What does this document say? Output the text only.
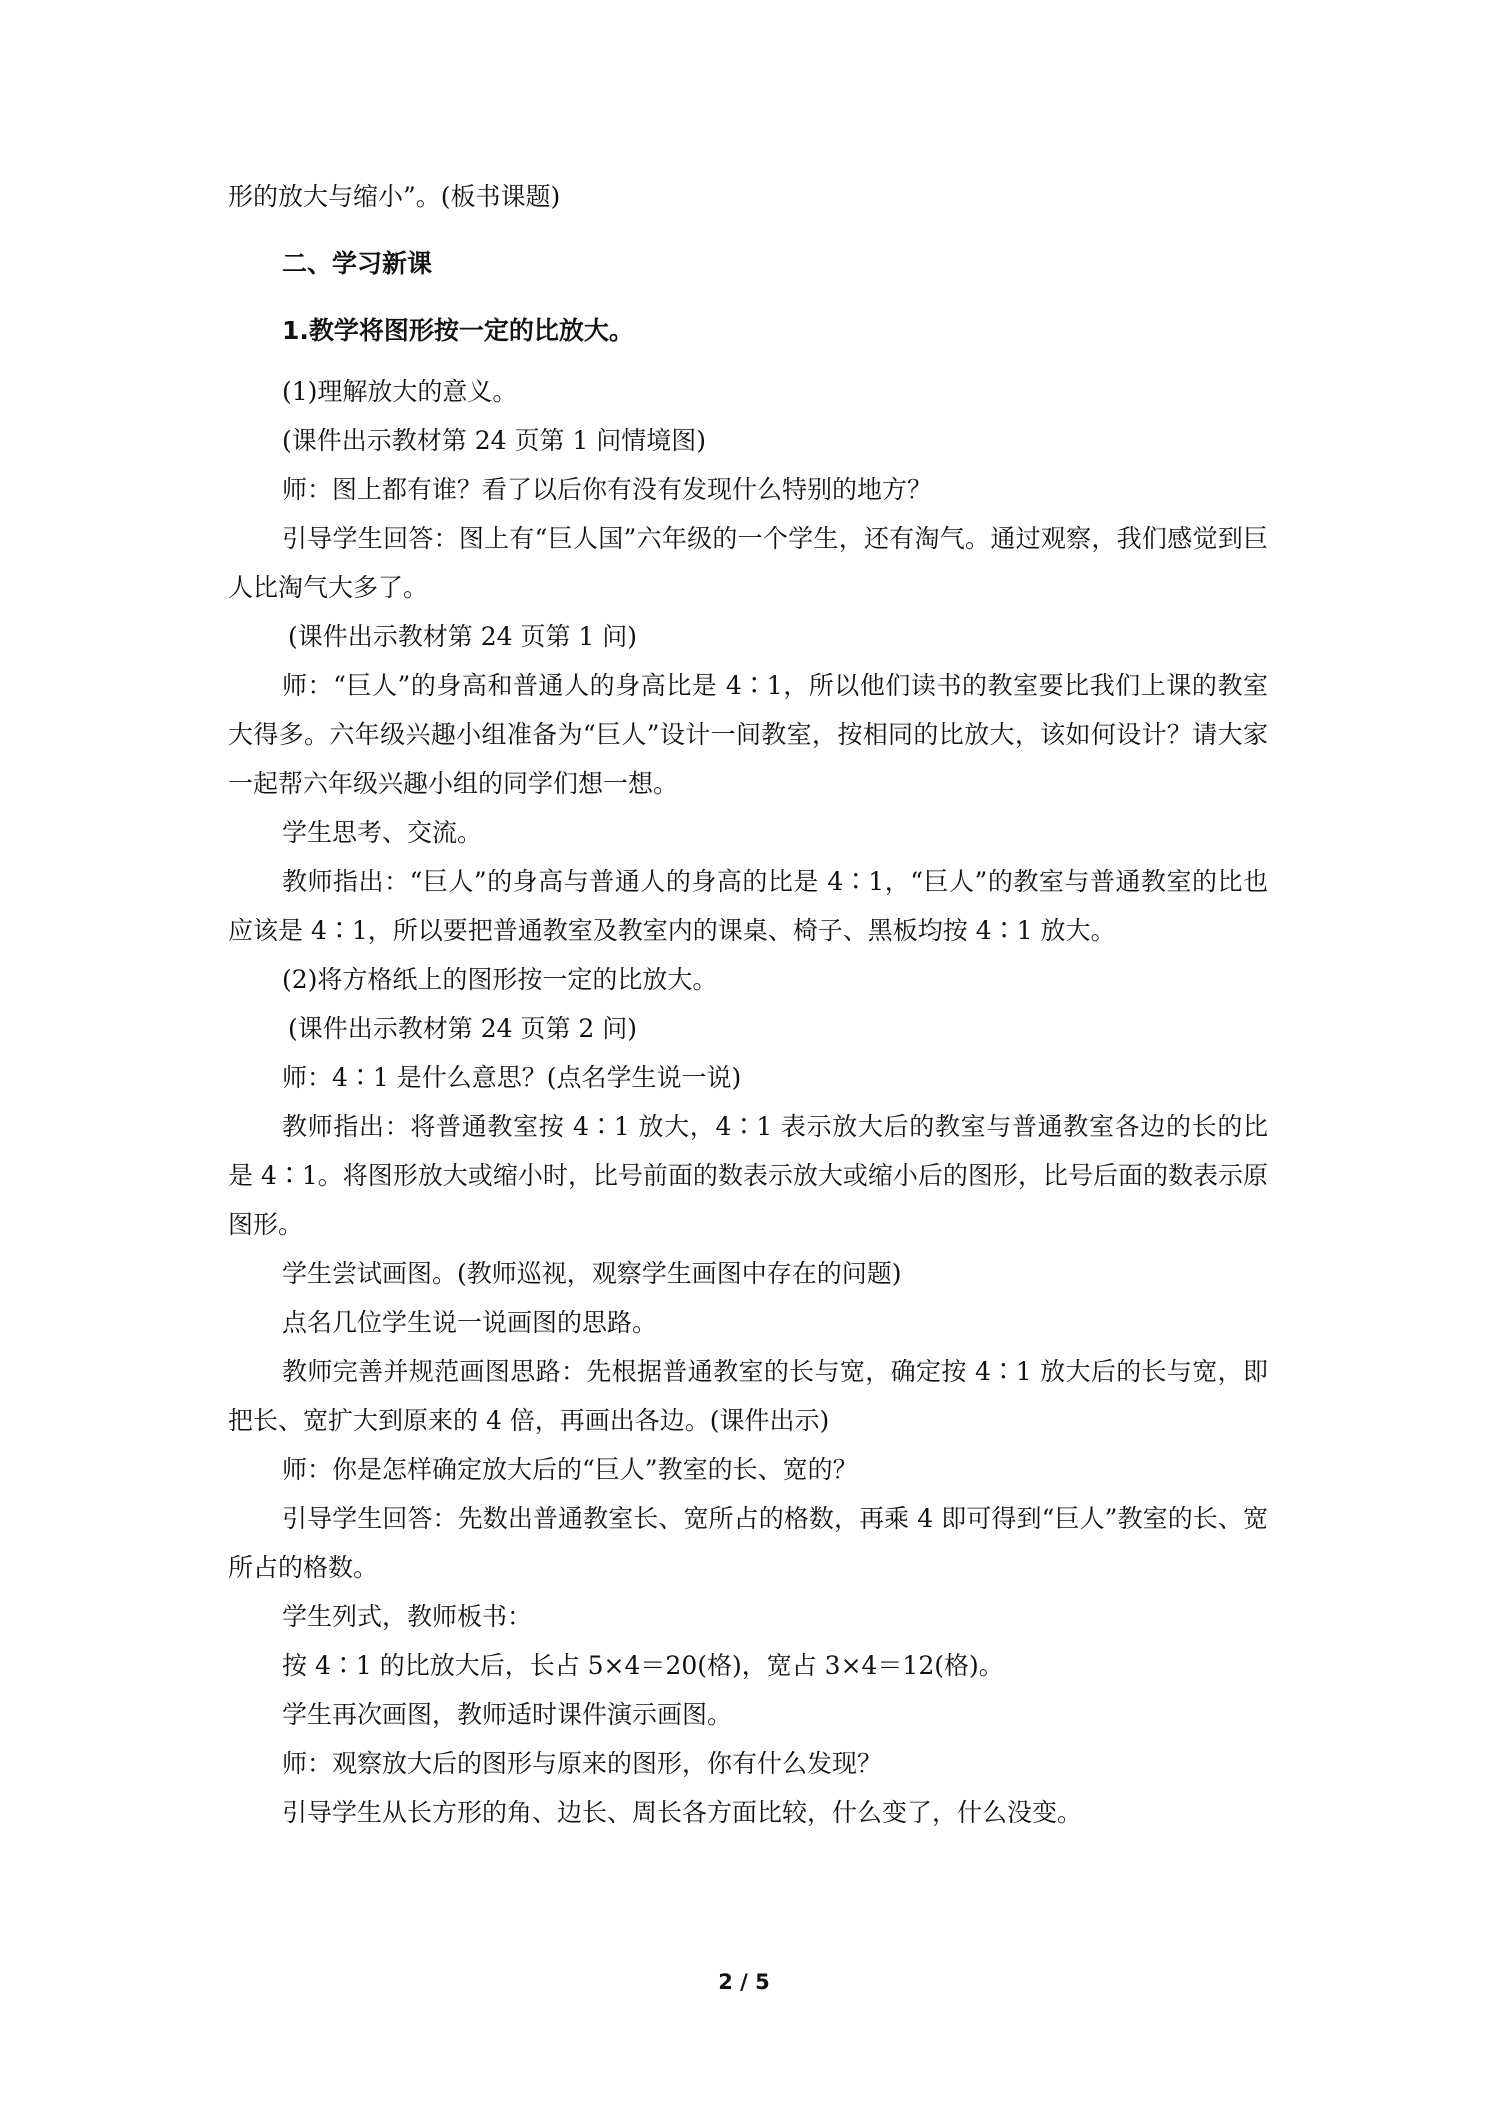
形的放大与缩小”。(板书课题)

二、学习新课

1.教学将图形按一定的比放大。

(1)理解放大的意义。

(课件出示教材第 24 页第 1 问情境图)

师：图上都有谁？看了以后你有没有发现什么特别的地方？

引导学生回答：图上有“巨人国”六年级的一个学生，还有淘气。通过观察，我们感觉到巨人比淘气大多了。

(课件出示教材第 24 页第 1 问)

师：“巨人”的身高和普通人的身高比是 4∶1，所以他们读书的教室要比我们上课的教室大得多。六年级兴趣小组准备为“巨人”设计一间教室，按相同的比放大，该如何设计？请大家一起帮六年级兴趣小组的同学们想一想。

学生思考、交流。

教师指出：“巨人”的身高与普通人的身高的比是 4∶1，“巨人”的教室与普通教室的比也应该是 4∶1，所以要把普通教室及教室内的课桌、椅子、黑板均按 4∶1 放大。

(2)将方格纸上的图形按一定的比放大。

(课件出示教材第 24 页第 2 问)

师：4∶1 是什么意思？(点名学生说一说)

教师指出：将普通教室按 4∶1 放大，4∶1 表示放大后的教室与普通教室各边的长的比是 4∶1。将图形放大或缩小时，比号前面的数表示放大或缩小后的图形，比号后面的数表示原图形。

学生尝试画图。(教师巡视，观察学生画图中存在的问题)

点名几位学生说一说画图的思路。

教师完善并规范画图思路：先根据普通教室的长与宽，确定按 4∶1 放大后的长与宽，即把长、宽扩大到原来的 4 倍，再画出各边。(课件出示)

师：你是怎样确定放大后的“巨人”教室的长、宽的？

引导学生回答：先数出普通教室长、宽所占的格数，再乘 4 即可得到“巨人”教室的长、宽所占的格数。

学生列式，教师板书：

按 4∶1 的比放大后，长占 5×4＝20(格)，宽占 3×4＝12(格)。

学生再次画图，教师适时课件演示画图。

师：观察放大后的图形与原来的图形，你有什么发现？

引导学生从长方形的角、边长、周长各方面比较，什么变了，什么没变。

2 / 5
